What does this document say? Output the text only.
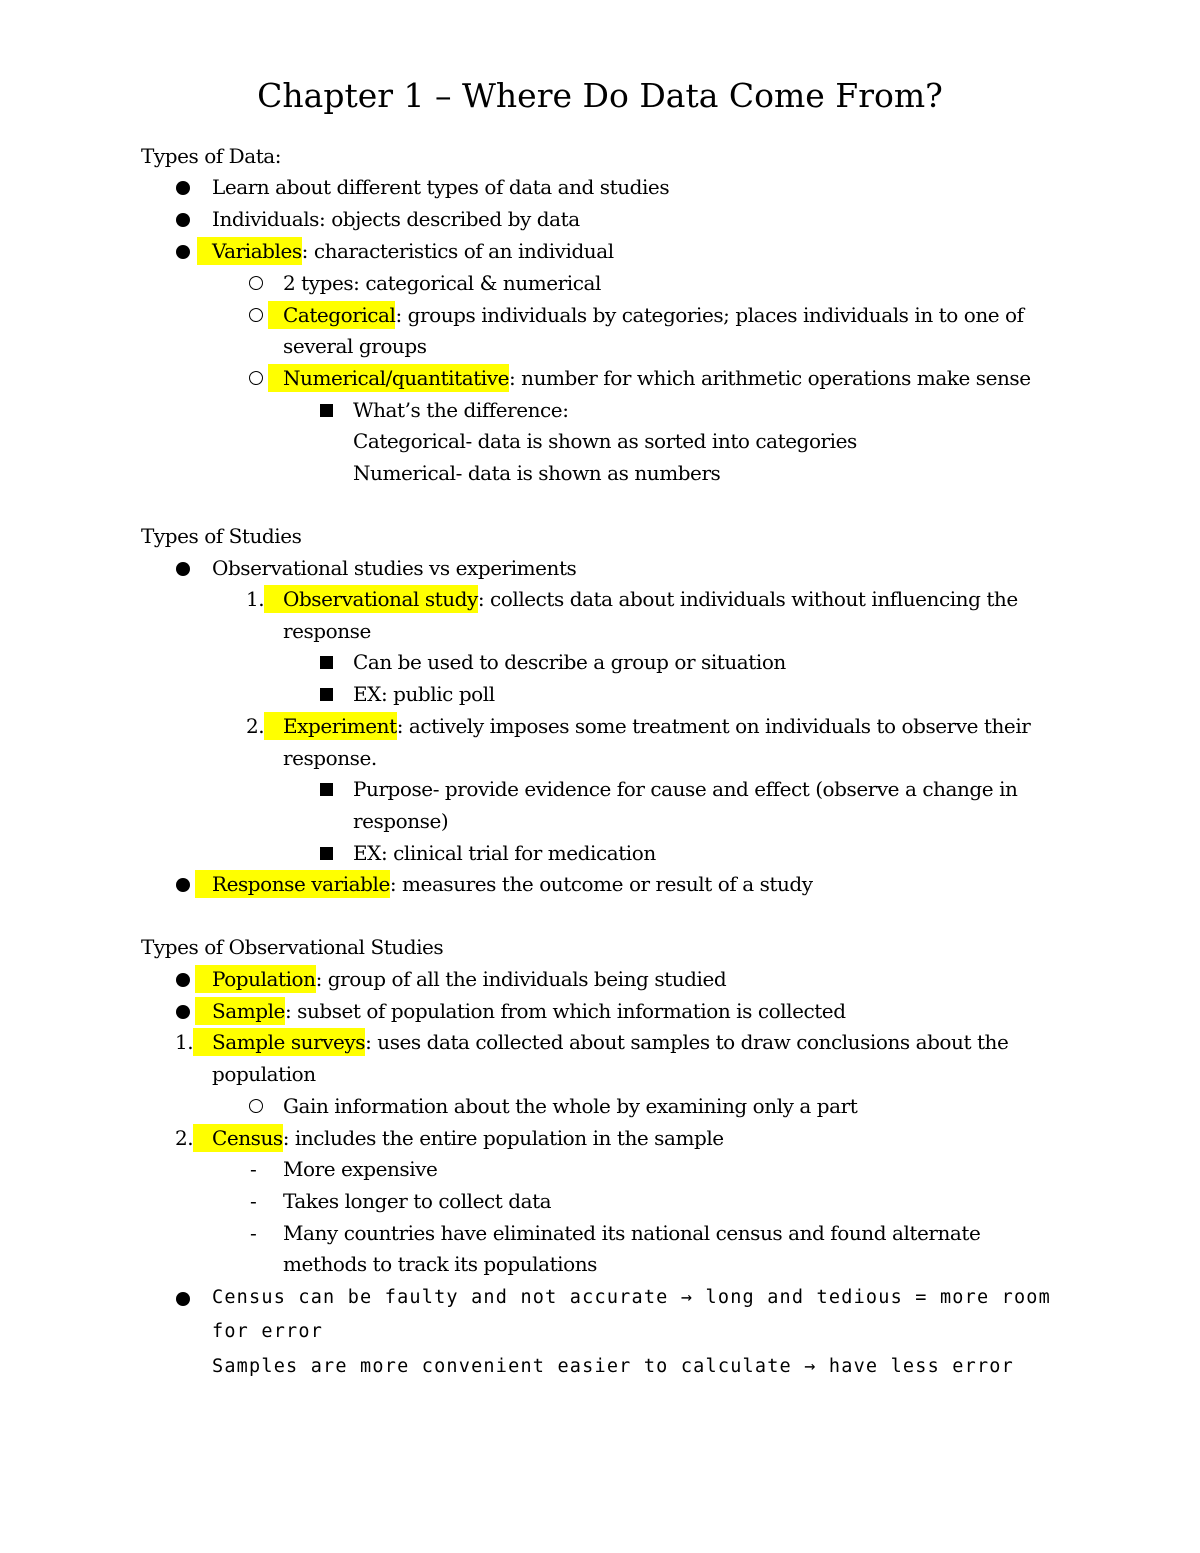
Chapter 1 – Where Do Data Come From?
Types of Data:
Learn about different types of data and studies
Individuals: objects described by data
Variables: characteristics of an individual
2 types: categorical & numerical
Categorical: groups individuals by categories; places individuals in to one of
several groups
Numerical/quantitative: number for which arithmetic operations make sense
What’s the difference:
Categorical- data is shown as sorted into categories
Numerical- data is shown as numbers
Types of Studies
Observational studies vs experiments
1. Observational study: collects data about individuals without influencing the
response
Can be used to describe a group or situation
EX: public poll
2. Experiment: actively imposes some treatment on individuals to observe their
response.
Purpose- provide evidence for cause and effect (observe a change in
response)
EX: clinical trial for medication
Response variable: measures the outcome or result of a study
Types of Observational Studies
Population: group of all the individuals being studied
Sample: subset of population from which information is collected
1. Sample surveys: uses data collected about samples to draw conclusions about the
population
Gain information about the whole by examining only a part
2. Census: includes the entire population in the sample
- More expensive
- Takes longer to collect data
- Many countries have eliminated its national census and found alternate
methods to track its populations
Census can be faulty and not accurate → long and tedious = more room
for error
Samples are more convenient easier to calculate → have less error
